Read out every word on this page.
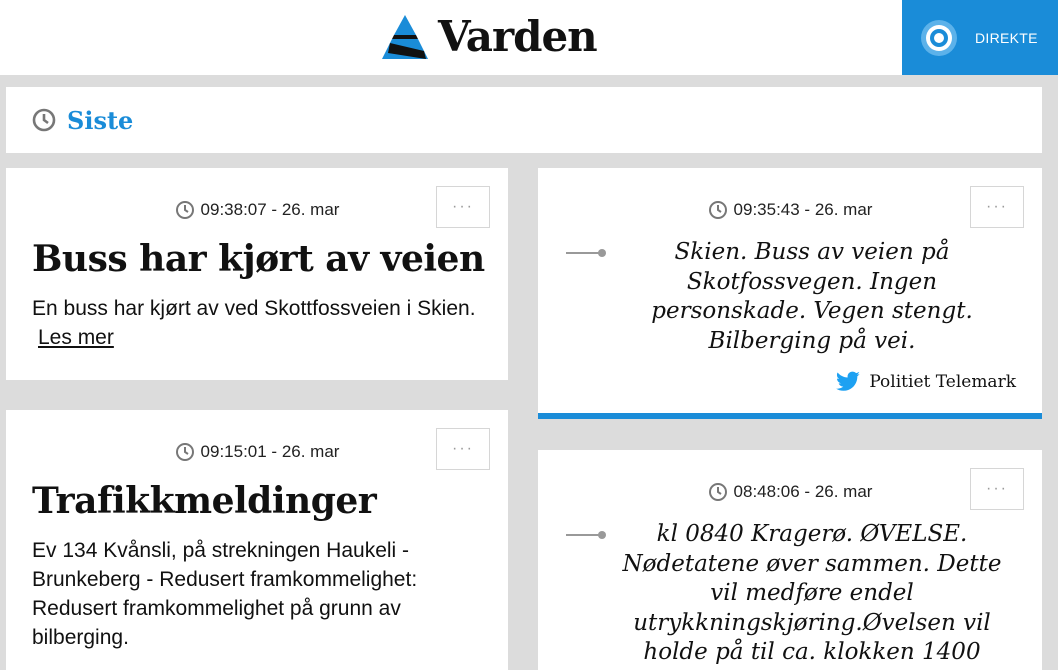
Varden	DIREKTE
Siste
09:38:07 - 26. mar	···
Buss har kjørt av veien
En buss har kjørt av ved Skottfossveien i Skien. Les mer
09:15:01 - 26. mar	···
Trafikkmeldinger
Ev 134 Kvånsli, på strekningen Haukeli - Brunkeberg - Redusert framkommelighet: Redusert framkommelighet på grunn av bilberging.
09:35:43 - 26. mar	···
Skien. Buss av veien på
Skotfossvegen. Ingen
personskade. Vegen stengt.
Bilberging på vei.
Politiet Telemark
08:48:06 - 26. mar	···
kl 0840 Kragerø. ØVELSE.
Nødetatene øver sammen. Dette
vil medføre endel
utrykkningskjøring.Øvelsen vil
holde på til ca. klokken 1400
